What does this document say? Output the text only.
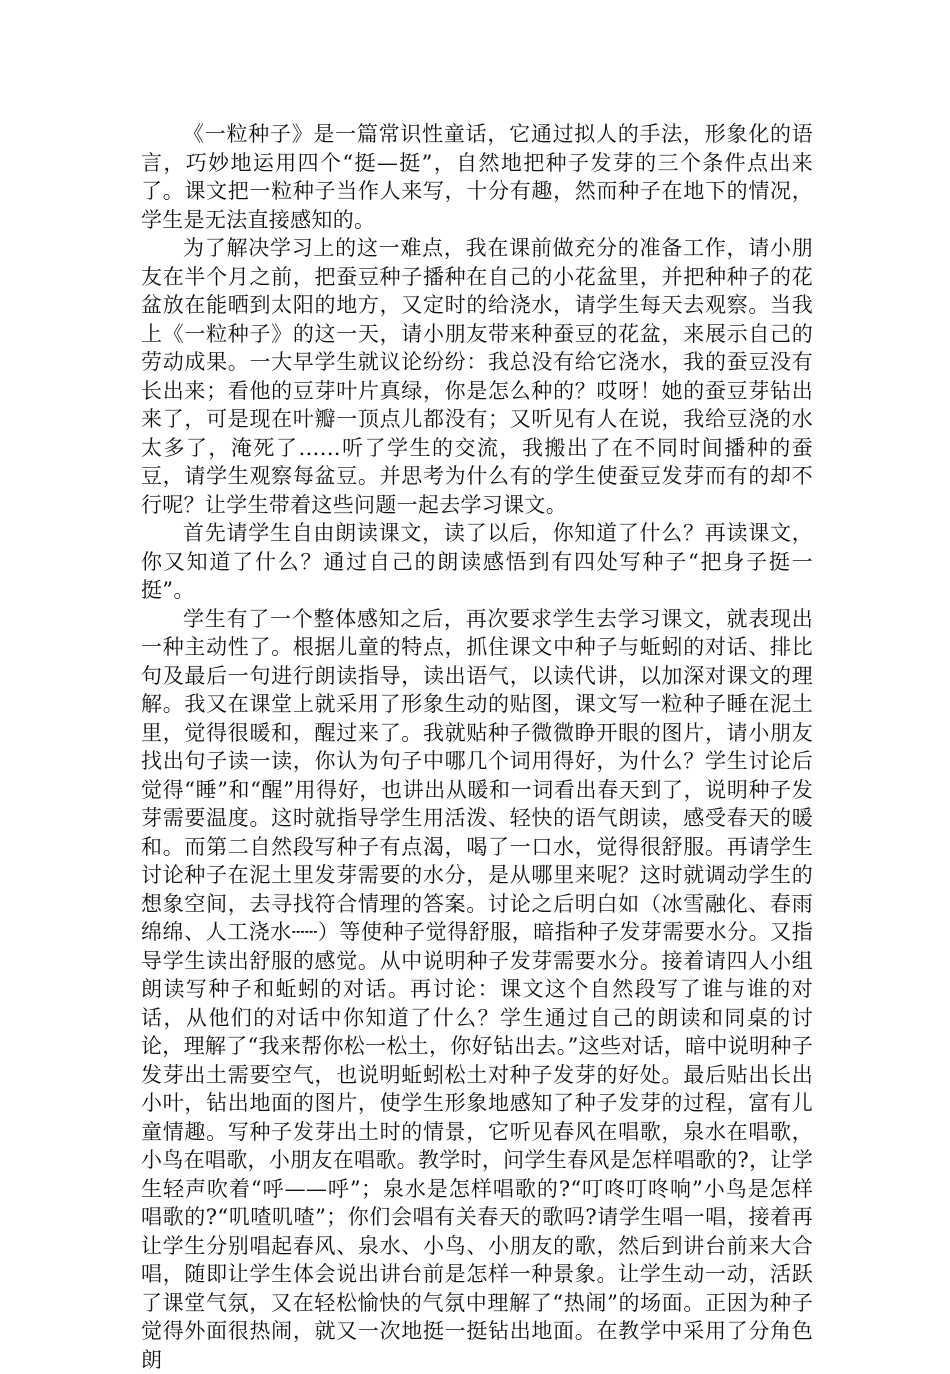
《一粒种子》是一篇常识性童话，它通过拟人的手法，形象化的语言，巧妙地运用四个“挺—挺”，自然地把种子发芽的三个条件点出来了。课文把一粒种子当作人来写，十分有趣，然而种子在地下的情况，学生是无法直接感知的。

为了解决学习上的这一难点，我在课前做充分的准备工作，请小朋友在半个月之前，把蚕豆种子播种在自己的小花盆里，并把种种子的花盆放在能晒到太阳的地方，又定时的给浇水，请学生每天去观察。当我上《一粒种子》的这一天，请小朋友带来种蚕豆的花盆，来展示自己的劳动成果。一大早学生就议论纷纷：我总没有给它浇水，我的蚕豆没有长出来；看他的豆芽叶片真绿，你是怎么种的？哎呀！她的蚕豆芽钻出来了，可是现在叶瓣一顶点儿都没有；又听见有人在说，我给豆浇的水太多了，淹死了……听了学生的交流，我搬出了在不同时间播种的蚕豆，请学生观察每盆豆。并思考为什么有的学生使蚕豆发芽而有的却不行呢？让学生带着这些问题一起去学习课文。

首先请学生自由朗读课文，读了以后，你知道了什么？再读课文，你又知道了什么？通过自己的朗读感悟到有四处写种子“把身子挺一挺”。

学生有了一个整体感知之后，再次要求学生去学习课文，就表现出一种主动性了。根据儿童的特点，抓住课文中种子与蚯蚓的对话、排比句及最后一句进行朗读指导，读出语气，以读代讲，以加深对课文的理解。我又在课堂上就采用了形象生动的贴图，课文写一粒种子睡在泥土里，觉得很暖和，醒过来了。我就贴种子微微睁开眼的图片，请小朋友找出句子读一读，你认为句子中哪几个词用得好，为什么？学生讨论后觉得“睡”和“醒”用得好，也讲出从暖和一词看出春天到了，说明种子发芽需要温度。这时就指导学生用活泼、轻快的语气朗读，感受春天的暖和。而第二自然段写种子有点渴，喝了一口水，觉得很舒服。再请学生讨论种子在泥土里发芽需要的水分，是从哪里来呢？这时就调动学生的想象空间，去寻找符合情理的答案。讨论之后明白如（冰雪融化、春雨绵绵、人工浇水┄┄）等使种子觉得舒服，暗指种子发芽需要水分。又指导学生读出舒服的感觉。从中说明种子发芽需要水分。接着请四人小组朗读写种子和蚯蚓的对话。再讨论：课文这个自然段写了谁与谁的对话，从他们的对话中你知道了什么？学生通过自己的朗读和同桌的讨论，理解了“我来帮你松一松土，你好钻出去。”这些对话，暗中说明种子发芽出土需要空气，也说明蚯蚓松土对种子发芽的好处。最后贴出长出小叶，钻出地面的图片，使学生形象地感知了种子发芽的过程，富有儿童情趣。写种子发芽出土时的情景，它听见春风在唱歌，泉水在唱歌，小鸟在唱歌，小朋友在唱歌。教学时，问学生春风是怎样唱歌的?，让学生轻声吹着“呼——呼”；泉水是怎样唱歌的?“叮咚叮咚响”小鸟是怎样唱歌的?“叽喳叽喳”；你们会唱有关春天的歌吗?请学生唱一唱，接着再让学生分别唱起春风、泉水、小鸟、小朋友的歌，然后到讲台前来大合唱，随即让学生体会说出讲台前是怎样一种景象。让学生动一动，活跃了课堂气氛，又在轻松愉快的气氛中理解了“热闹”的场面。正因为种子觉得外面很热闹，就又一次地挺一挺钻出地面。在教学中采用了分角色朗
